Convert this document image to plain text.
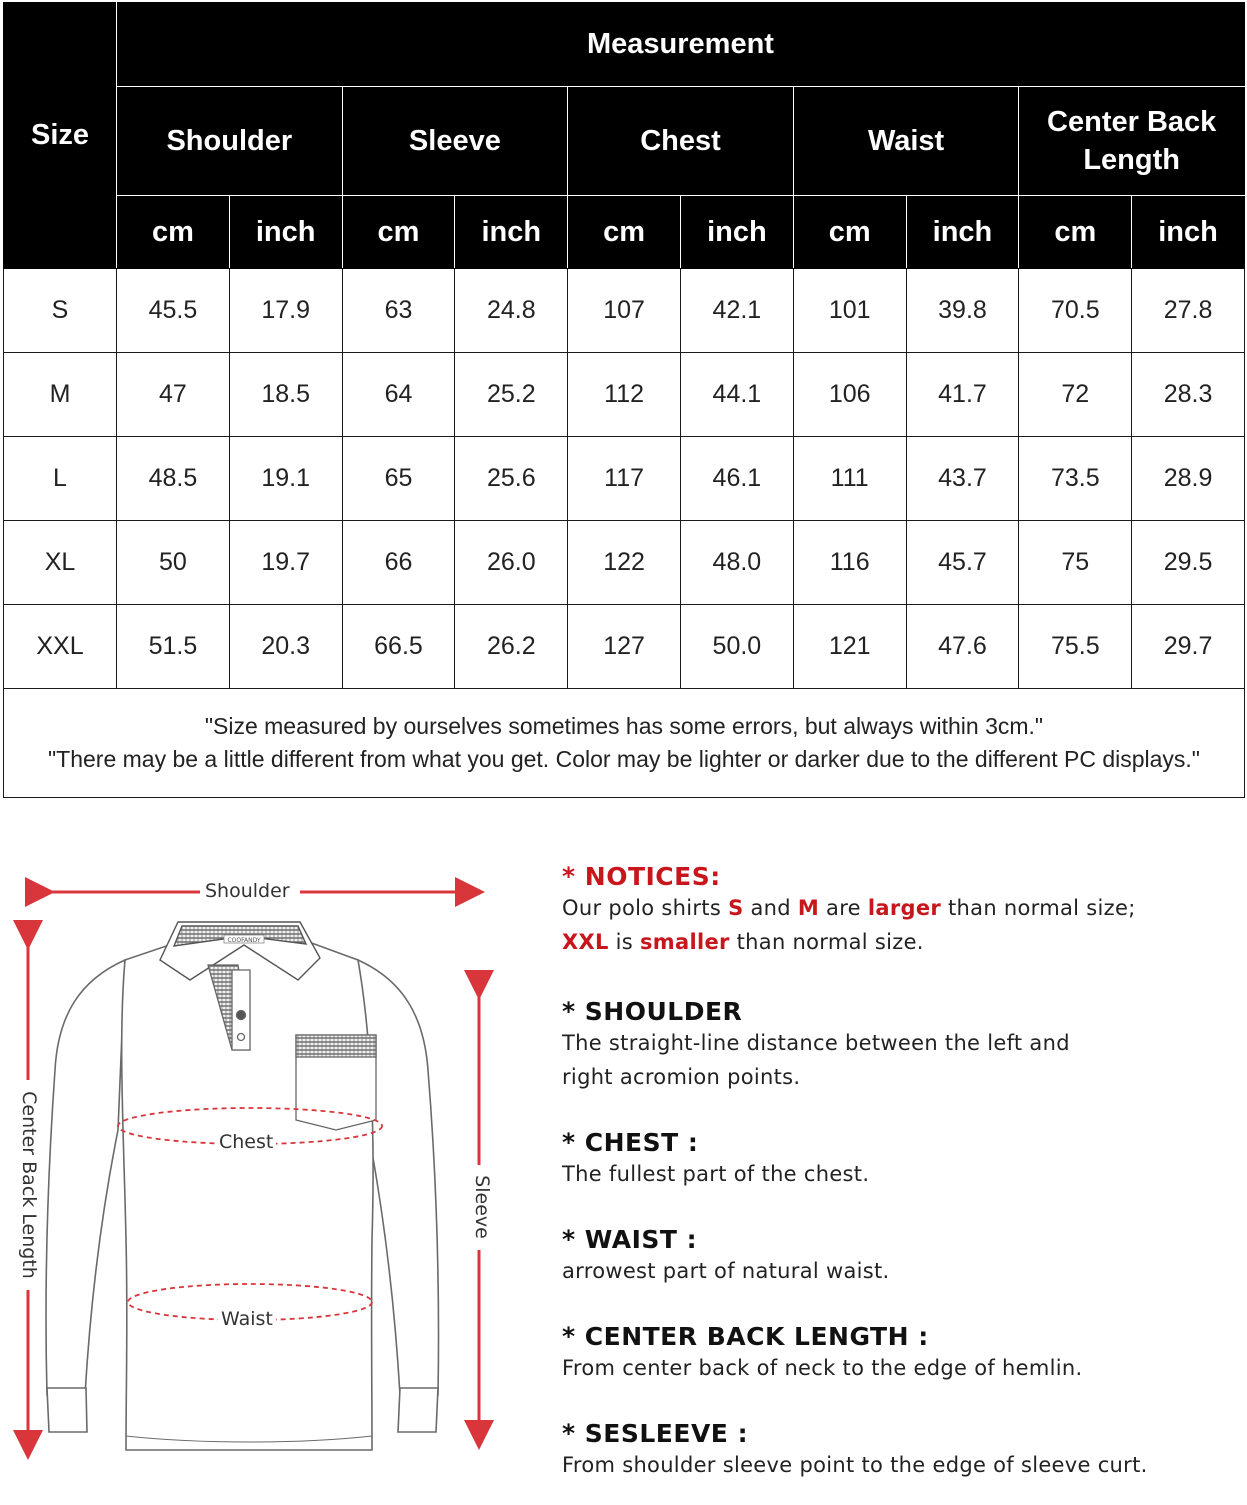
Size	Measurement									
	Shoulder		Sleeve		Chest		Waist		Center Back Length	
	cm	inch	cm	inch	cm	inch	cm	inch	cm	inch
S	45.5	17.9	63	24.8	107	42.1	101	39.8	70.5	27.8
M	47	18.5	64	25.2	112	44.1	106	41.7	72	28.3
L	48.5	19.1	65	25.6	117	46.1	111	43.7	73.5	28.9
XL	50	19.7	66	26.0	122	48.0	116	45.7	75	29.5
XXL	51.5	20.3	66.5	26.2	127	50.0	121	47.6	75.5	29.7

"Size measured by ourselves sometimes has some errors, but always within 3cm."
"There may be a little different from what you get. Color may be lighter or darker due to the different PC displays."										
COOFANDY
Shoulder
Chest
Waist
Center Back Length	Sleeve
* NOTICES:
Our polo shirts S and M are larger than normal size;
XXL is smaller than normal size.
* SHOULDER
The straight-line distance between the left and
right acromion points.
* CHEST :
The fullest part of the chest.
* WAIST :
arrowest part of natural waist.
* CENTER BACK LENGTH :
From center back of neck to the edge of hemlin.
* SESLEEVE :
From shoulder sleeve point to the edge of sleeve curt.
